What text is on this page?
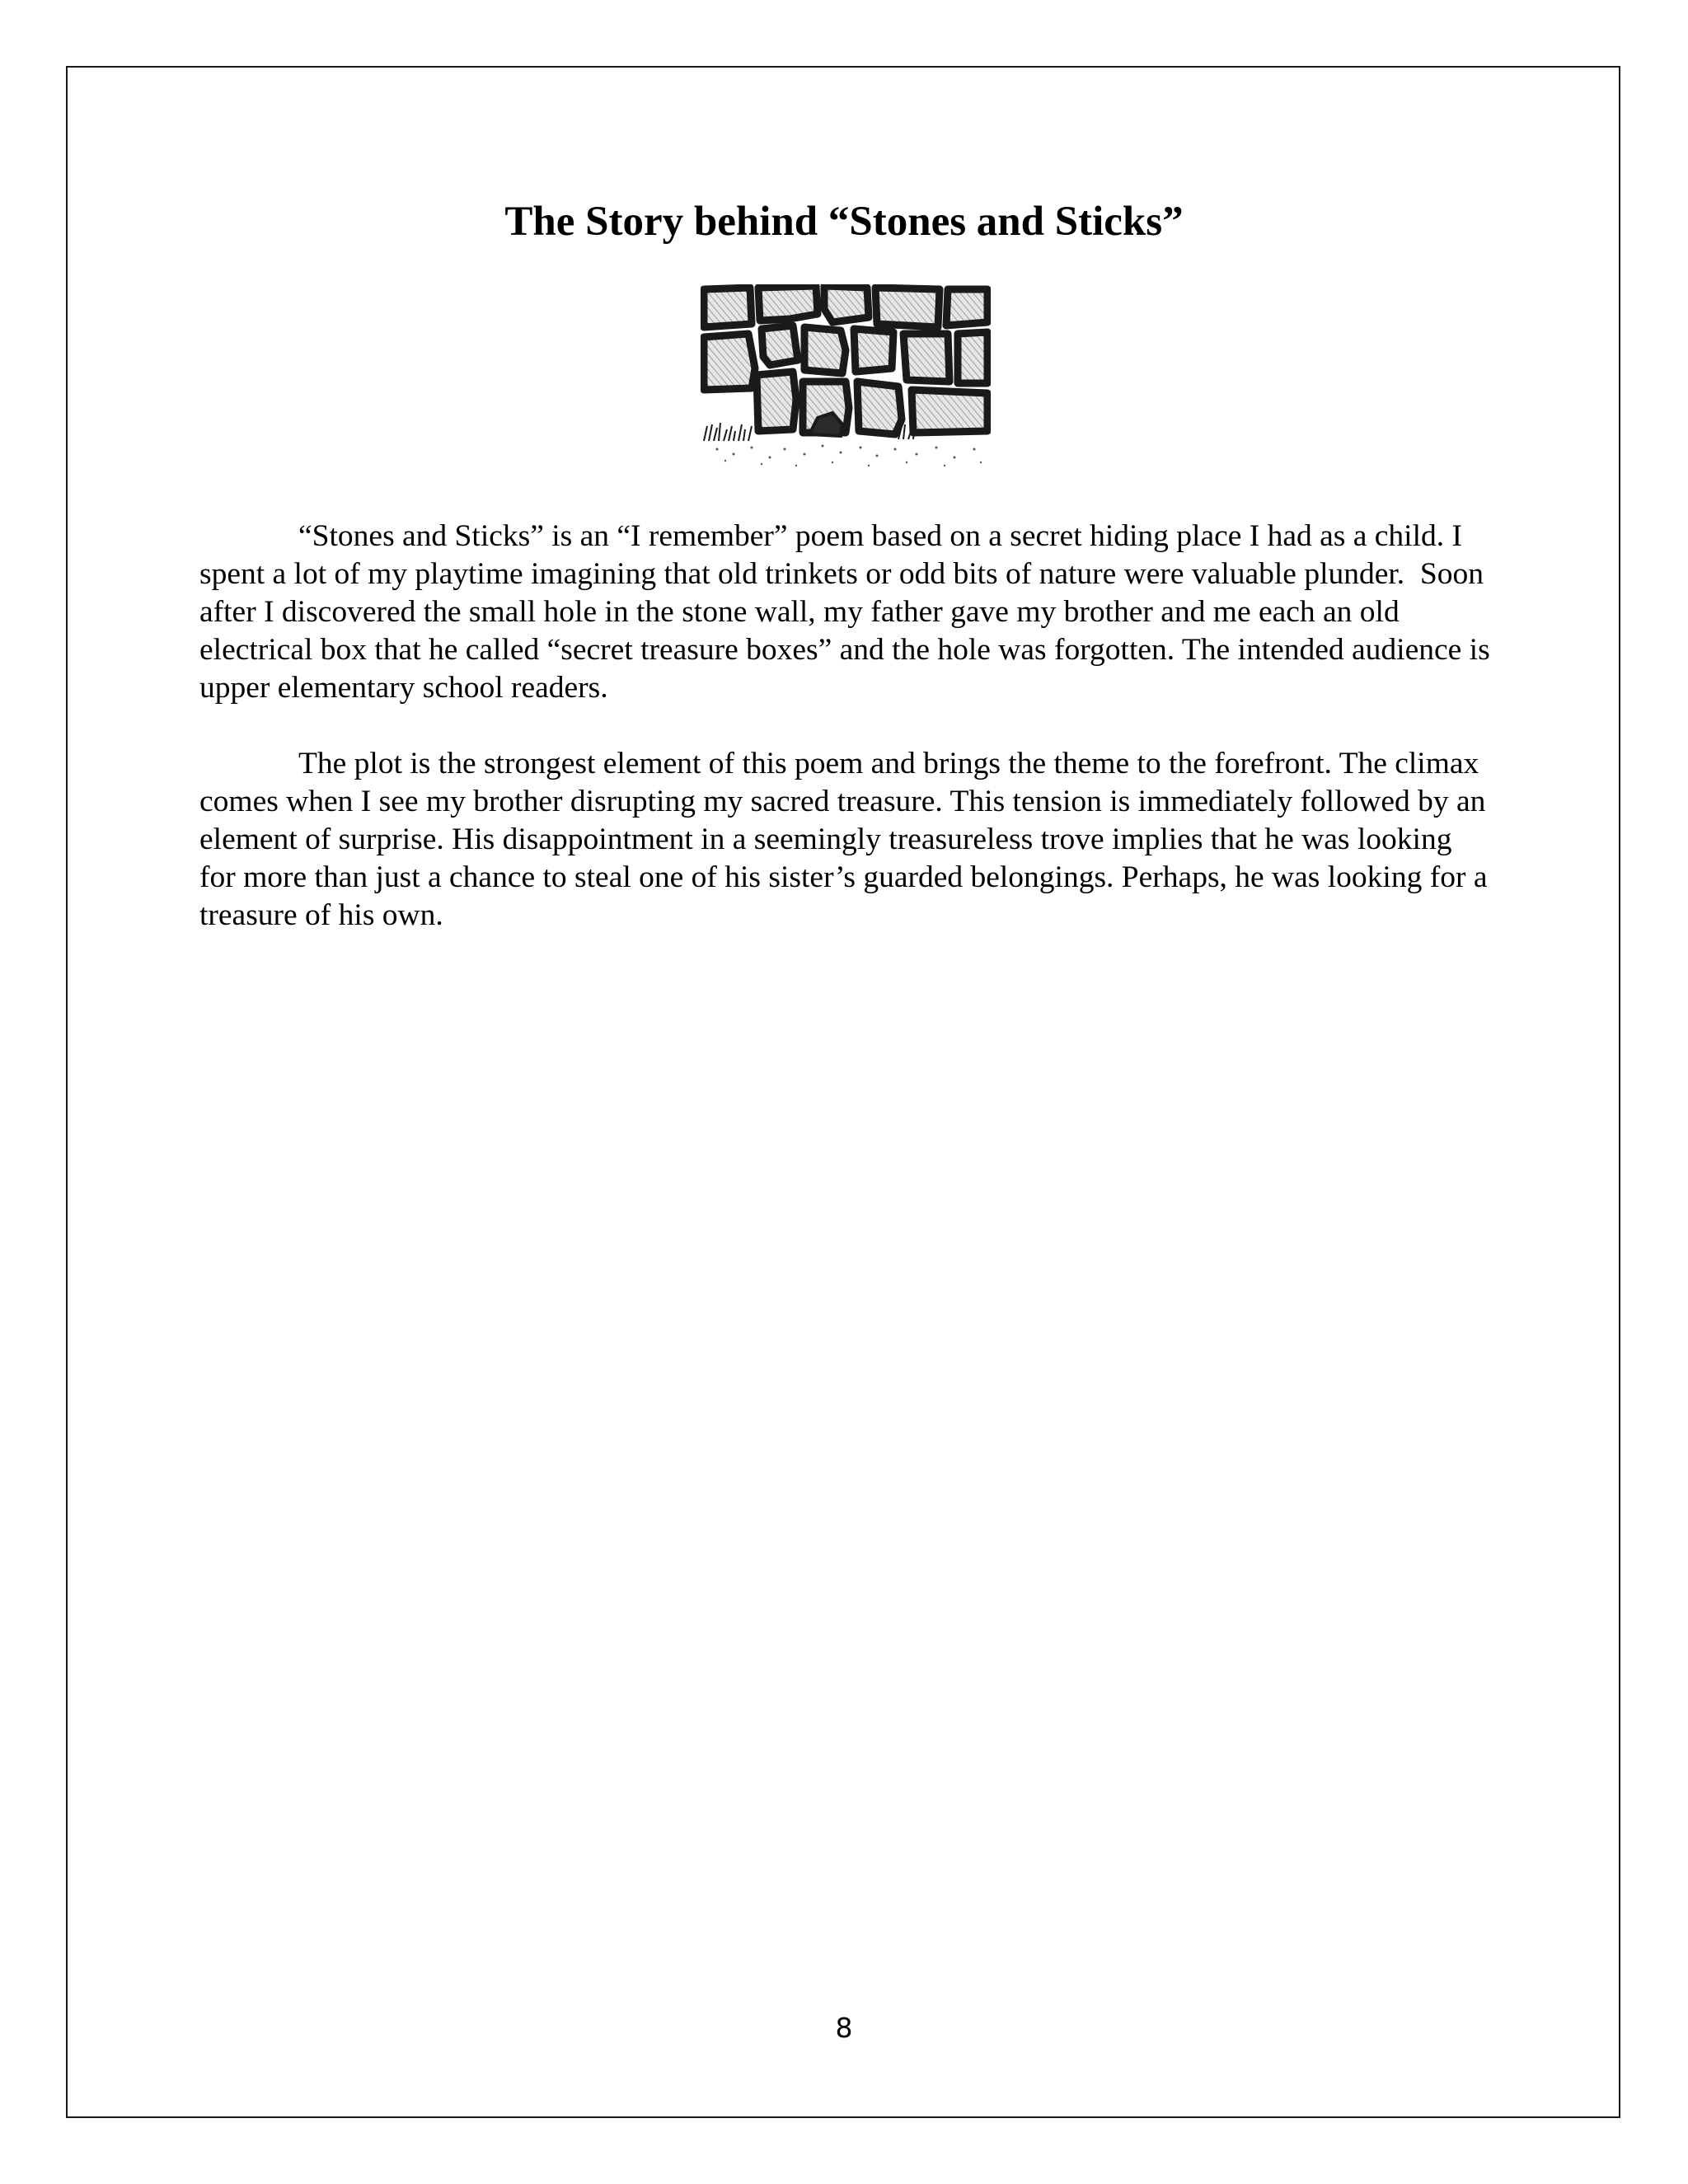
The Story behind “Stones and Sticks”

“Stones and Sticks” is an “I remember” poem based on a secret hiding place I had as a child. I spent a lot of my playtime imagining that old trinkets or odd bits of nature were valuable plunder.  Soon after I discovered the small hole in the stone wall, my father gave my brother and me each an old electrical box that he called “secret treasure boxes” and the hole was forgotten. The intended audience is upper elementary school readers.

The plot is the strongest element of this poem and brings the theme to the forefront. The climax comes when I see my brother disrupting my sacred treasure. This tension is immediately followed by an element of surprise. His disappointment in a seemingly treasureless trove implies that he was looking for more than just a chance to steal one of his sister’s guarded belongings. Perhaps, he was looking for a treasure of his own.

8
